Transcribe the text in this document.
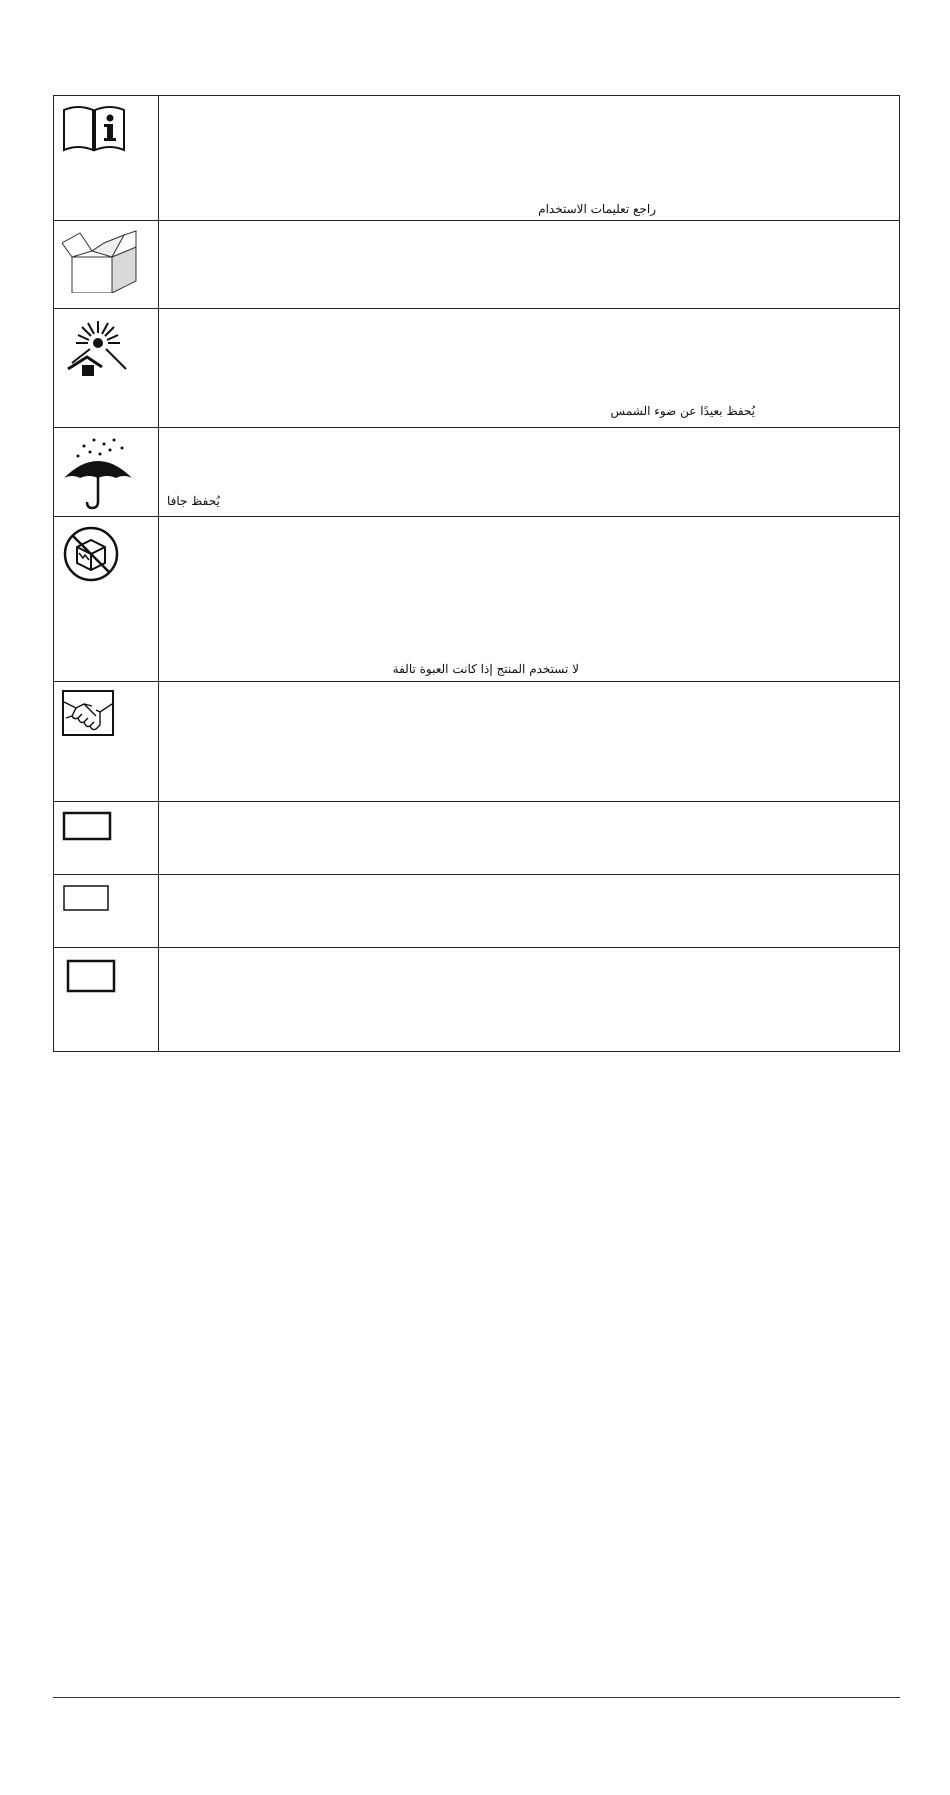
راجع تعليمات الاستخدام

يُحفظ بعيدًا عن ضوء الشمس

يُحفظ جافا

لا تستخدم المنتج إذا كانت العبوة تالفة
